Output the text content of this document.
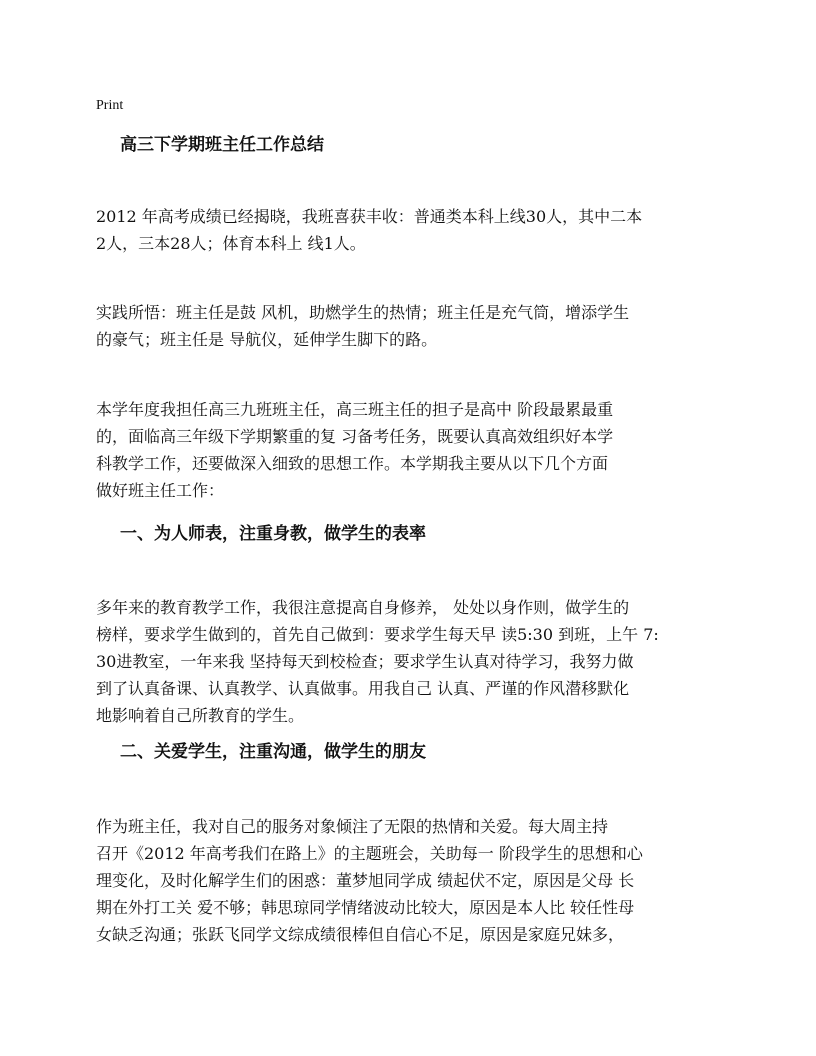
Print
高三下学期班主任工作总结

2012 年高考成绩已经揭晓，我班喜获丰收：普通类本科上线30人，其中二本
2人，三本28人；体育本科上 线1人。

实践所悟：班主任是鼓 风机，助燃学生的热情；班主任是充气筒，增添学生
的豪气；班主任是 导航仪，延伸学生脚下的路。

本学年度我担任高三九班班主任，高三班主任的担子是高中 阶段最累最重
的，面临高三年级下学期繁重的复 习备考任务，既要认真高效组织好本学
科教学工作，还要做深入细致的思想工作。本学期我主要从以下几个方面
做好班主任工作：

一、为人师表，注重身教，做学生的表率

多年来的教育教学工作，我很注意提高自身修养， 处处以身作则，做学生的
榜样，要求学生做到的，首先自己做到：要求学生每天早 读5:30 到班，上午 7:
30进教室，一年来我 坚持每天到校检查；要求学生认真对待学习，我努力做
到了认真备课、认真教学、认真做事。用我自己 认真、严谨的作风潜移默化
地影响着自己所教育的学生。

二、关爱学生，注重沟通，做学生的朋友

作为班主任，我对自己的服务对象倾注了无限的热情和关爱。每大周主持
召开《2012 年高考我们在路上》的主题班会，关助每一 阶段学生的思想和心
理变化，及时化解学生们的困惑：董梦旭同学成 绩起伏不定，原因是父母 长
期在外打工关 爱不够；韩思琼同学情绪波动比较大，原因是本人比 较任性母
女缺乏沟通；张跃飞同学文综成绩很棒但自信心不足，原因是家庭兄妹多，
